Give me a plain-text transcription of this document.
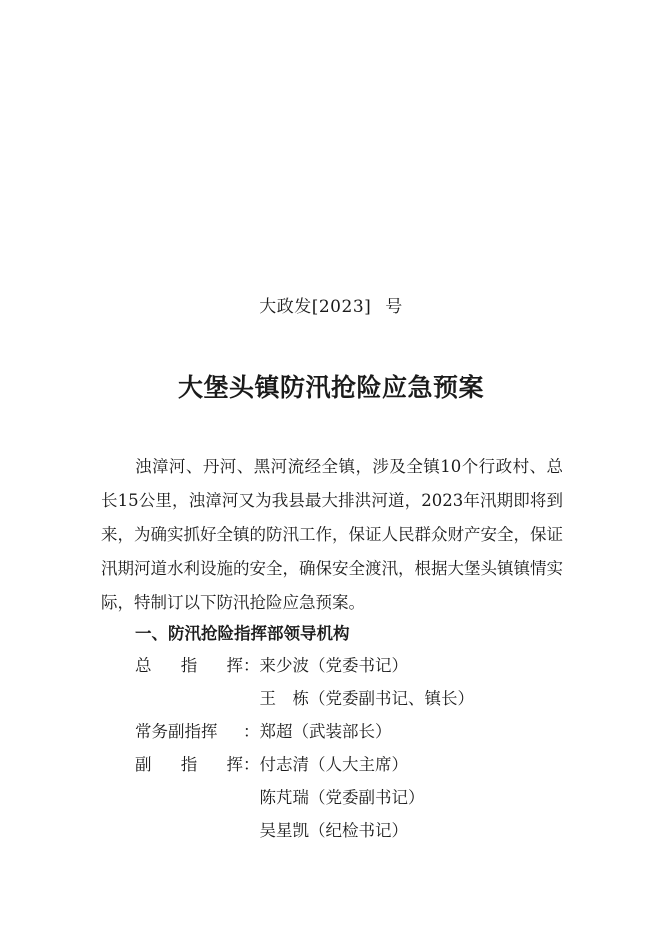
大政发[2023] 号
大堡头镇防汛抢险应急预案

浊漳河、丹河、黑河流经全镇，涉及全镇10个行政村、总长15公里，浊漳河又为我县最大排洪河道，2023年汛期即将到来，为确实抓好全镇的防汛工作，保证人民群众财产安全，保证汛期河道水利设施的安全，确保安全渡汛，根据大堡头镇镇情实际，特制订以下防汛抢险应急预案。

一、防汛抢险指挥部领导机构

总 指 挥 ： 来少波（党委书记）
王　栋（党委副书记、镇长）
常 务 副 指 挥 ： 郑超（武装部长）
副 指 挥 ： 付志清（人大主席）
陈芃瑞（党委副书记）
吴星凯（纪检书记）
